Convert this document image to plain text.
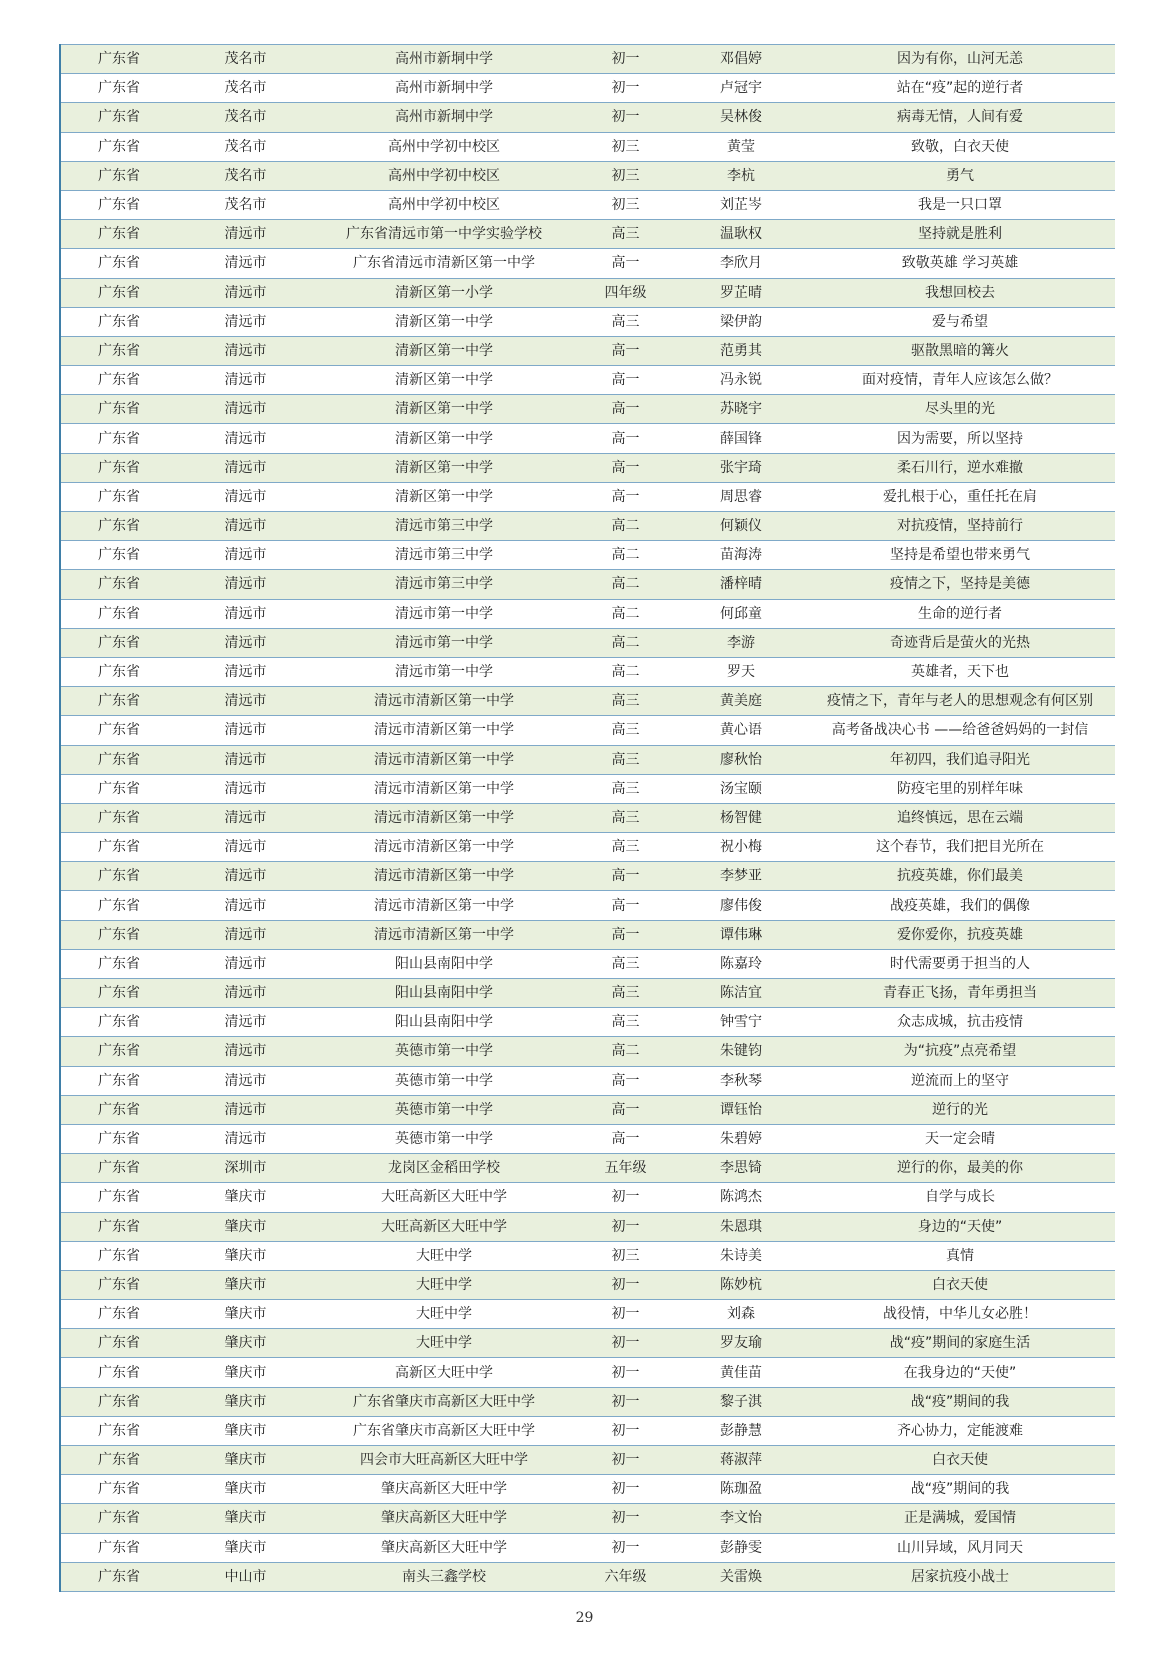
广东省	茂名市	高州市新垌中学	初一	邓倡婷	因为有你，山河无恙
广东省	茂名市	高州市新垌中学	初一	卢冠宇	站在“疫”起的逆行者
广东省	茂名市	高州市新垌中学	初一	吴林俊	病毒无情，人间有爱
广东省	茂名市	高州中学初中校区	初三	黄莹	致敬，白衣天使
广东省	茂名市	高州中学初中校区	初三	李杭	勇气
广东省	茂名市	高州中学初中校区	初三	刘芷岑	我是一只口罩
广东省	清远市	广东省清远市第一中学实验学校	高三	温耿权	坚持就是胜利
广东省	清远市	广东省清远市清新区第一中学	高一	李欣月	致敬英雄 学习英雄
广东省	清远市	清新区第一小学	四年级	罗芷晴	我想回校去
广东省	清远市	清新区第一中学	高三	梁伊韵	爱与希望
广东省	清远市	清新区第一中学	高一	范勇其	驱散黑暗的篝火
广东省	清远市	清新区第一中学	高一	冯永锐	面对疫情，青年人应该怎么做？
广东省	清远市	清新区第一中学	高一	苏晓宇	尽头里的光
广东省	清远市	清新区第一中学	高一	薛国锋	因为需要，所以坚持
广东省	清远市	清新区第一中学	高一	张宇琦	柔石川行，逆水难撤
广东省	清远市	清新区第一中学	高一	周思睿	爱扎根于心，重任托在肩
广东省	清远市	清远市第三中学	高二	何颖仪	对抗疫情，坚持前行
广东省	清远市	清远市第三中学	高二	苗海涛	坚持是希望也带来勇气
广东省	清远市	清远市第三中学	高二	潘梓晴	疫情之下，坚持是美德
广东省	清远市	清远市第一中学	高二	何邱童	生命的逆行者
广东省	清远市	清远市第一中学	高二	李游	奇迹背后是萤火的光热
广东省	清远市	清远市第一中学	高二	罗天	英雄者，天下也
广东省	清远市	清远市清新区第一中学	高三	黄美庭	疫情之下，青年与老人的思想观念有何区别
广东省	清远市	清远市清新区第一中学	高三	黄心语	高考备战决心书 ——给爸爸妈妈的一封信
广东省	清远市	清远市清新区第一中学	高三	廖秋怡	年初四，我们追寻阳光
广东省	清远市	清远市清新区第一中学	高三	汤宝颐	防疫宅里的别样年味
广东省	清远市	清远市清新区第一中学	高三	杨智健	追终慎远，思在云端
广东省	清远市	清远市清新区第一中学	高三	祝小梅	这个春节，我们把目光所在
广东省	清远市	清远市清新区第一中学	高一	李梦亚	抗疫英雄，你们最美
广东省	清远市	清远市清新区第一中学	高一	廖伟俊	战疫英雄，我们的偶像
广东省	清远市	清远市清新区第一中学	高一	谭伟琳	爱你爱你，抗疫英雄
广东省	清远市	阳山县南阳中学	高三	陈嘉玲	时代需要勇于担当的人
广东省	清远市	阳山县南阳中学	高三	陈洁宜	青春正飞扬，青年勇担当
广东省	清远市	阳山县南阳中学	高三	钟雪宁	众志成城，抗击疫情
广东省	清远市	英德市第一中学	高二	朱键钧	为“抗疫”点亮希望
广东省	清远市	英德市第一中学	高一	李秋琴	逆流而上的坚守
广东省	清远市	英德市第一中学	高一	谭钰怡	逆行的光
广东省	清远市	英德市第一中学	高一	朱碧婷	天一定会晴
广东省	深圳市	龙岗区金稻田学校	五年级	李思锜	逆行的你，最美的你
广东省	肇庆市	大旺高新区大旺中学	初一	陈鸿杰	自学与成长
广东省	肇庆市	大旺高新区大旺中学	初一	朱恩琪	身边的“天使”
广东省	肇庆市	大旺中学	初三	朱诗美	真情
广东省	肇庆市	大旺中学	初一	陈妙杭	白衣天使
广东省	肇庆市	大旺中学	初一	刘森	战役情，中华儿女必胜！
广东省	肇庆市	大旺中学	初一	罗友瑜	战“疫”期间的家庭生活
广东省	肇庆市	高新区大旺中学	初一	黄佳苗	在我身边的“天使”
广东省	肇庆市	广东省肇庆市高新区大旺中学	初一	黎子淇	战“疫”期间的我
广东省	肇庆市	广东省肇庆市高新区大旺中学	初一	彭静慧	齐心协力，定能渡难
广东省	肇庆市	四会市大旺高新区大旺中学	初一	蒋淑萍	白衣天使
广东省	肇庆市	肇庆高新区大旺中学	初一	陈珈盈	战“疫”期间的我
广东省	肇庆市	肇庆高新区大旺中学	初一	李文怡	正是满城，爱国情
广东省	肇庆市	肇庆高新区大旺中学	初一	彭静雯	山川异域，风月同天
广东省	中山市	南头三鑫学校	六年级	关雷焕	居家抗疫小战士
29
